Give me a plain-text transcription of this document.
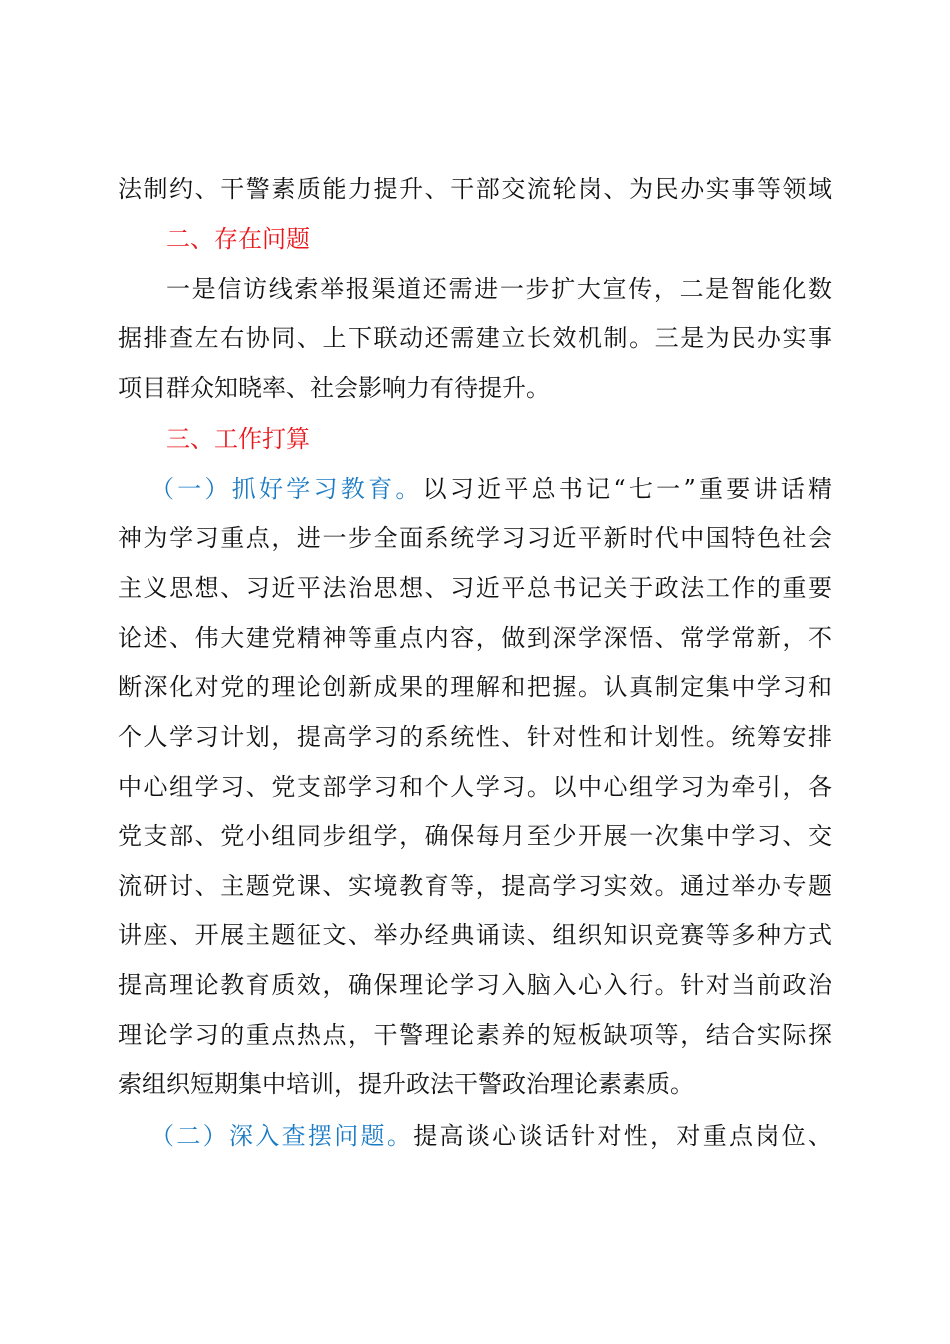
法制约、干警素质能力提升、干部交流轮岗、为民办实事等领域
二、存在问题
一是信访线索举报渠道还需进一步扩大宣传，二是智能化数
据排查左右协同、上下联动还需建立长效机制。三是为民办实事
项目群众知晓率、社会影响力有待提升。
三、工作打算
（一）抓好学习教育。以习近平总书记“七一”重要讲话精
神为学习重点，进一步全面系统学习习近平新时代中国特色社会
主义思想、习近平法治思想、习近平总书记关于政法工作的重要
论述、伟大建党精神等重点内容，做到深学深悟、常学常新，不
断深化对党的理论创新成果的理解和把握。认真制定集中学习和
个人学习计划，提高学习的系统性、针对性和计划性。统筹安排
中心组学习、党支部学习和个人学习。以中心组学习为牵引，各
党支部、党小组同步组学，确保每月至少开展一次集中学习、交
流研讨、主题党课、实境教育等，提高学习实效。通过举办专题
讲座、开展主题征文、举办经典诵读、组织知识竞赛等多种方式
提高理论教育质效，确保理论学习入脑入心入行。针对当前政治
理论学习的重点热点，干警理论素养的短板缺项等，结合实际探
索组织短期集中培训，提升政法干警政治理论素素质。
（二）深入查摆问题。提高谈心谈话针对性，对重点岗位、
